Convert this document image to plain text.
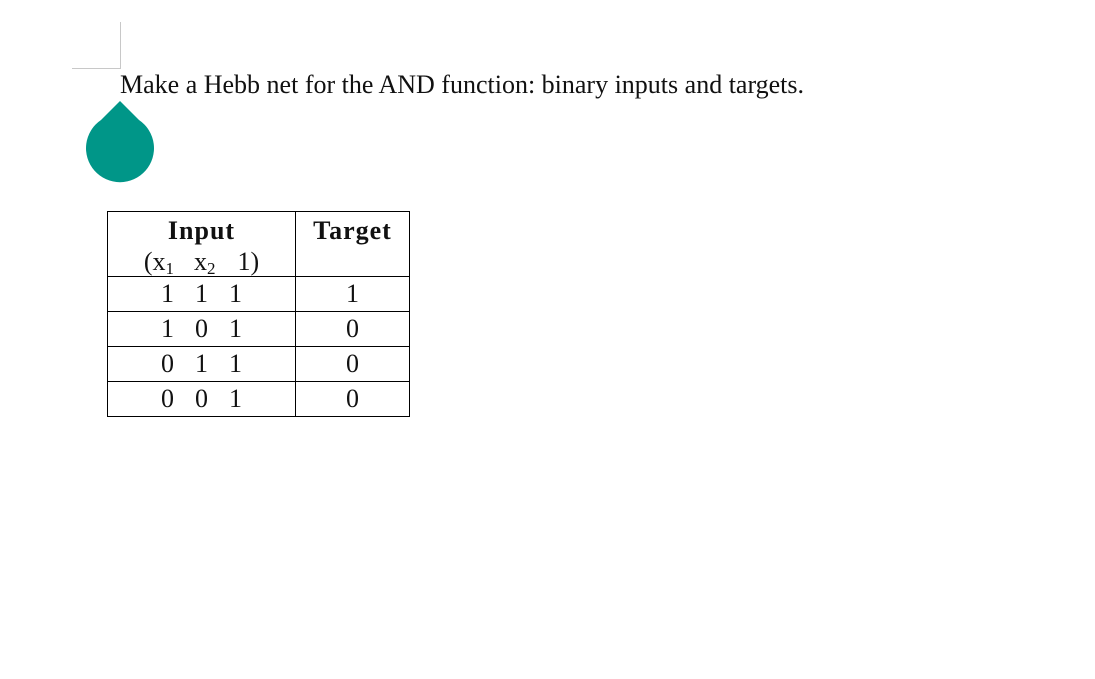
Make a Hebb net for the AND function: binary inputs and targets.
Input
($x_1$ $x_2$ 1)	Target

1 1 1	1
1 0 1	0
0 1 1	0
0 0 1	0
